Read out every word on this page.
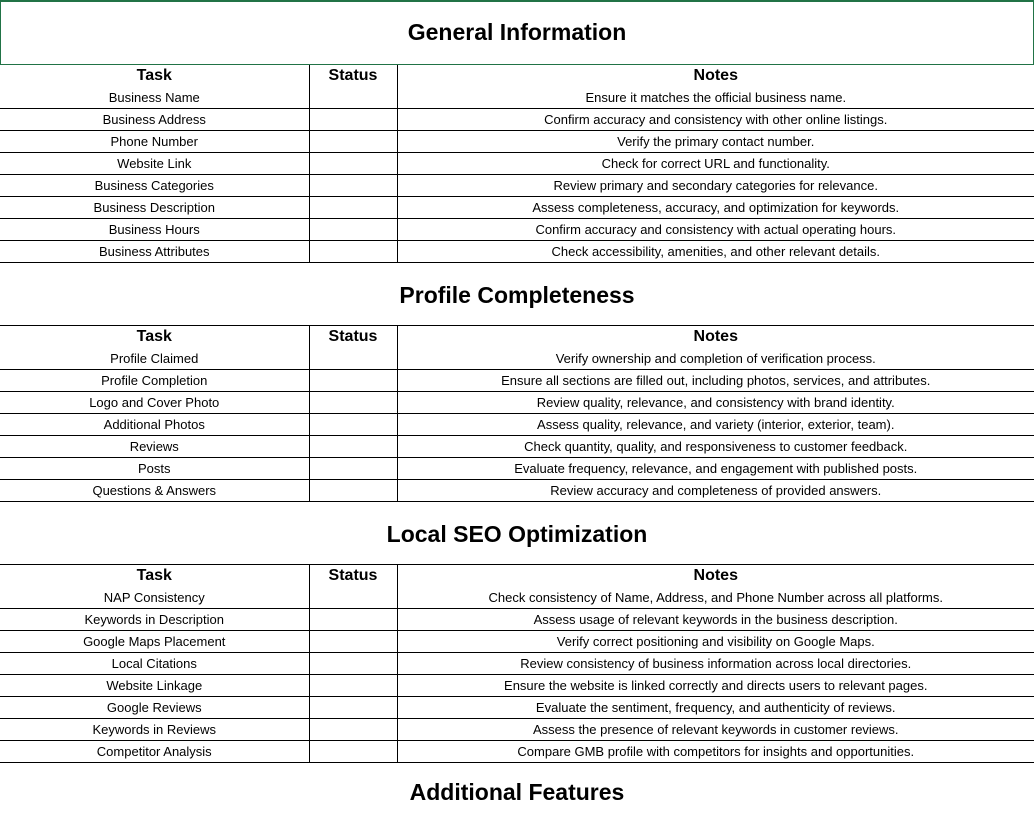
General Information
Task	Status	Notes
Business Name		Ensure it matches the official business name.
Business Address		Confirm accuracy and consistency with other online listings.
Phone Number		Verify the primary contact number.
Website Link		Check for correct URL and functionality.
Business Categories		Review primary and secondary categories for relevance.
Business Description		Assess completeness, accuracy, and optimization for keywords.
Business Hours		Confirm accuracy and consistency with actual operating hours.
Business Attributes		Check accessibility, amenities, and other relevant details.
Profile Completeness
Task	Status	Notes
Profile Claimed		Verify ownership and completion of verification process.
Profile Completion		Ensure all sections are filled out, including photos, services, and attributes.
Logo and Cover Photo		Review quality, relevance, and consistency with brand identity.
Additional Photos		Assess quality, relevance, and variety (interior, exterior, team).
Reviews		Check quantity, quality, and responsiveness to customer feedback.
Posts		Evaluate frequency, relevance, and engagement with published posts.
Questions & Answers		Review accuracy and completeness of provided answers.
Local SEO Optimization
Task	Status	Notes
NAP Consistency		Check consistency of Name, Address, and Phone Number across all platforms.
Keywords in Description		Assess usage of relevant keywords in the business description.
Google Maps Placement		Verify correct positioning and visibility on Google Maps.
Local Citations		Review consistency of business information across local directories.
Website Linkage		Ensure the website is linked correctly and directs users to relevant pages.
Google Reviews		Evaluate the sentiment, frequency, and authenticity of reviews.
Keywords in Reviews		Assess the presence of relevant keywords in customer reviews.
Competitor Analysis		Compare GMB profile with competitors for insights and opportunities.
Additional Features
